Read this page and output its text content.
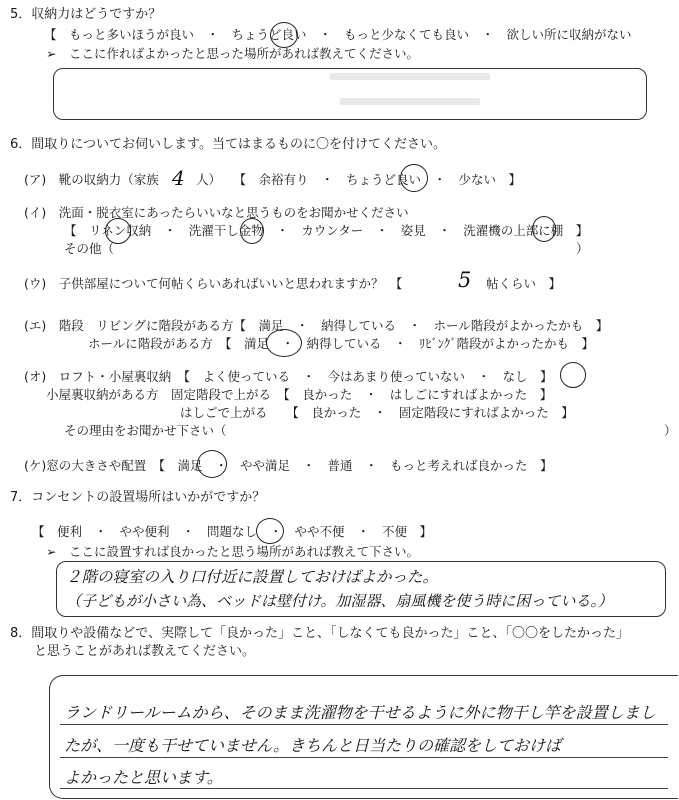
5．収納力はどうですか？
【　もっと多いほうが良い　・　ちょうど良い　・　もっと少なくても良い　・　欲しい所に収納がない
➢　ここに作ればよかったと思った場所があれば教えてください。
6．間取りについてお伺いします。当てはまるものに〇を付けてください。
(ア)　靴の収納力（家族 4 人）　　【　余裕有り　・　ちょうど良い　・　少ない　】
(イ)　洗面・脱衣室にあったらいいなと思うものをお聞かせください
【　リネン収納　・　洗濯干し金物　・　カウンター　・　姿見　・　洗濯機の上部に棚　】
その他（	）
(ウ)　子供部屋について何帖くらいあればいいと思われますか？　【	5 帖くらい　】
(エ)　階段　リビングに階段がある方【　満足　・　納得している　・　ホール階段がよかったかも　】
ホールに階段がある方　【　満足　・　納得している　・　ﾘﾋﾞﾝｸﾞ階段がよかったかも　】
(オ)　ロフト・小屋裏収納　【　よく使っている　・　今はあまり使っていない　・　なし　】
小屋裏収納がある方　固定階段で上がる　【　良かった　・　はしごにすればよかった　】
はしごで上がる　　【　良かった　・　固定階段にすればよかった　】
その理由をお聞かせ下さい（	）
(ケ)窓の大きさや配置　【　満足　・　やや満足　・　普通　・　もっと考えれば良かった　】
7．コンセントの設置場所はいかがですか？
【　便利　・　やや便利　・　問題なし　・　やや不便　・　不便　】
➢　ここに設置すれば良かったと思う場所があれば教えて下さい。
２階の寝室の入り口付近に設置しておけばよかった。
（子どもが小さい為、ベッドは壁付け。加湿器、扇風機を使う時に困っている。）
8．間取りや設備などで、実際して「良かった」こと、「しなくても良かった」こと、「〇〇をしたかった」
と思うことがあれば教えてください。
ランドリールームから、そのまま洗濯物を干せるように外に物干し竿を設置しまし
たが、一度も干せていません。きちんと日当たりの確認をしておけば
よかったと思います。
